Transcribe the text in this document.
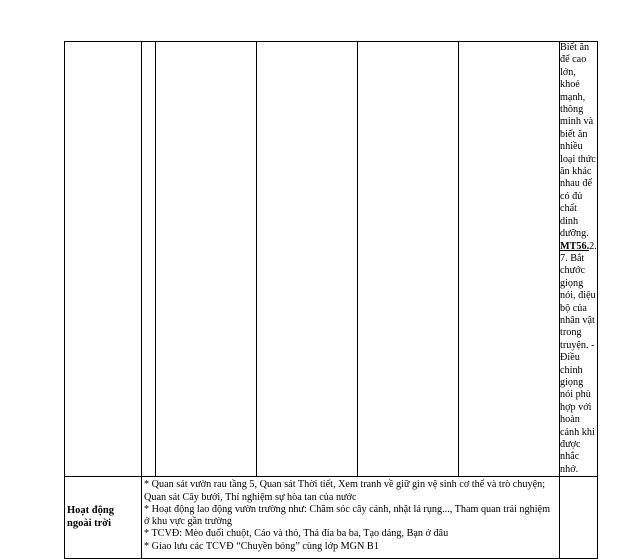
						Biết ăn để cao lớn, khoẻ mạnh, thông minh và biết ăn nhiều loại thức ăn khác nhau để có đủ chất dinh dưỡng. MT56.2.7. Bắt chước giọng nói, điệu bộ của nhân vật trong truyện. - Điều chỉnh giọng nói phù hợp với hoàn cảnh khi được nhắc nhở.
Hoạt động ngoài trời	* Quan sát vườn rau tầng 5, Quan sát Thời tiết, Xem tranh về giữ gìn vệ sinh cơ thể và trò chuyện; Quan sát Cây bưởi, Thí nghiệm sự hòa tan của nước
* Hoạt động lao động vườn trường như: Chăm sóc cây cảnh, nhặt lá rụng..., Tham quan trải nghiệm ở khu vực gần trường
* TCVĐ: Mèo đuổi chuột, Cáo và thỏ, Thả đỉa ba ba, Tạo dáng, Bạn ở đâu
* Giao lưu các TCVĐ “Chuyền bóng” cùng lớp MGN B1					
